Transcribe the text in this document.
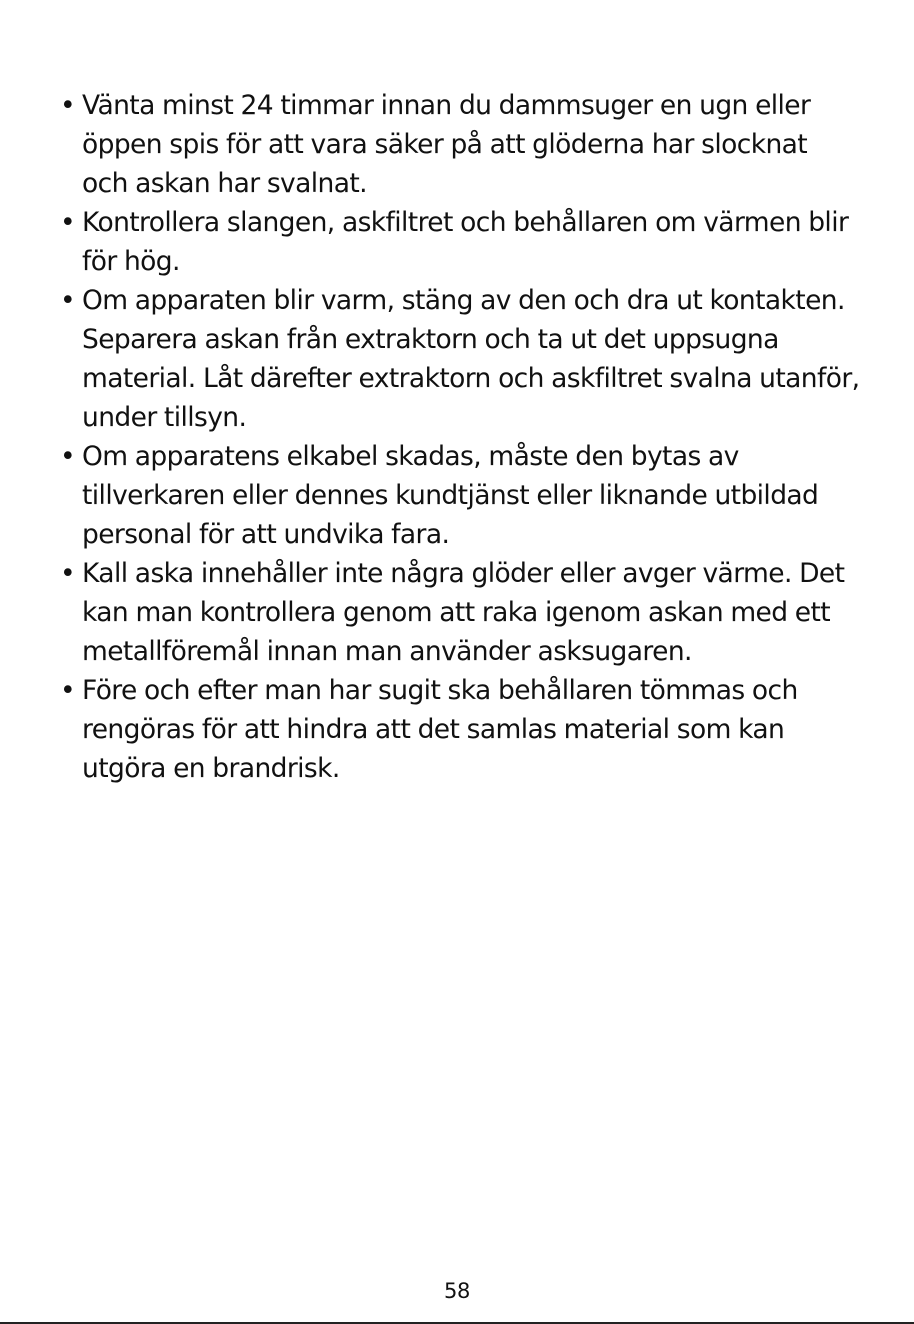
• Vänta minst 24 timmar innan du dammsuger en ugn eller öppen spis för att vara säker på att glöderna har slocknat och askan har svalnat.
• Kontrollera slangen, askfiltret och behållaren om värmen blir för hög.
• Om apparaten blir varm, stäng av den och dra ut kontakten. Separera askan från extraktorn och ta ut det uppsugna material. Låt därefter extraktorn och askfiltret svalna utanför, under tillsyn.
• Om apparatens elkabel skadas, måste den bytas av tillverkaren eller dennes kundtjänst eller liknande utbildad personal för att undvika fara.
• Kall aska innehåller inte några glöder eller avger värme. Det kan man kontrollera genom att raka igenom askan med ett metallföremål innan man använder asksugaren.
• Före och efter man har sugit ska behållaren tömmas och rengöras för att hindra att det samlas material som kan utgöra en brandrisk.
58
